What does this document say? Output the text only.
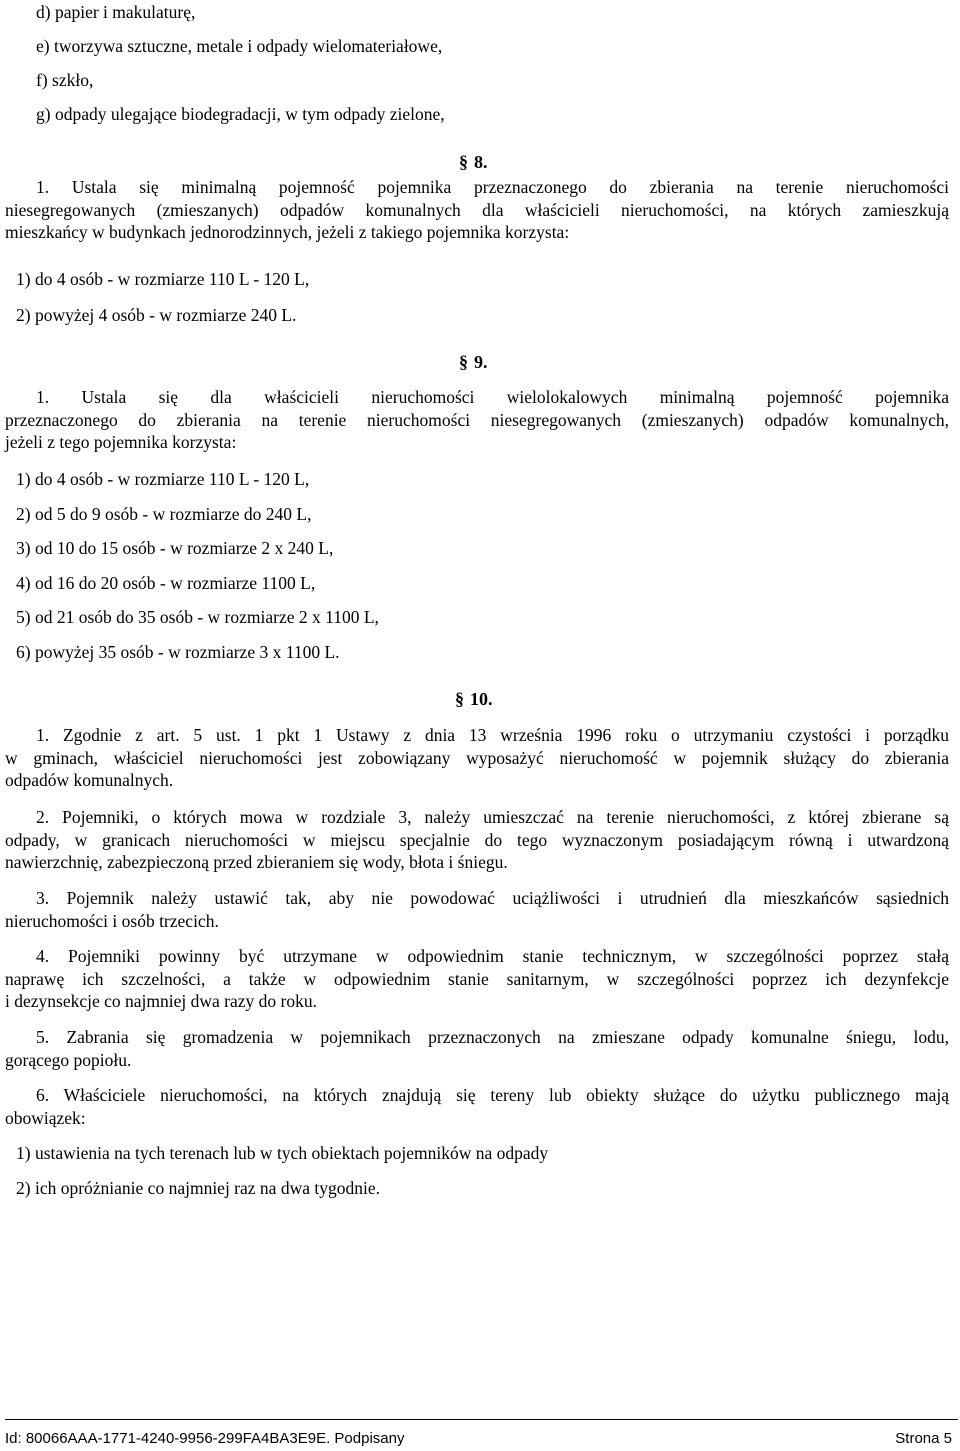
d) papier i makulaturę,
e) tworzywa sztuczne, metale i odpady wielomateriałowe,
f) szkło,
g) odpady ulegające biodegradacji, w tym odpady zielone,
§ 8.
1. Ustala się minimalną pojemność pojemnika przeznaczonego do zbierania na terenie nieruchomości
niesegregowanych (zmieszanych) odpadów komunalnych dla właścicieli nieruchomości, na których zamieszkują
mieszkańcy w budynkach jednorodzinnych, jeżeli z takiego pojemnika korzysta:
1) do 4 osób - w rozmiarze 110 L - 120 L,
2) powyżej 4 osób - w rozmiarze 240 L.
§ 9.
1. Ustala się dla właścicieli nieruchomości wielolokalowych minimalną pojemność pojemnika
przeznaczonego do zbierania na terenie nieruchomości niesegregowanych (zmieszanych) odpadów komunalnych,
jeżeli z tego pojemnika korzysta:
1) do 4 osób - w rozmiarze 110 L - 120 L,
2) od 5 do 9 osób - w rozmiarze do 240 L,
3) od 10 do 15 osób - w rozmiarze 2 x 240 L,
4) od 16 do 20 osób - w rozmiarze 1100 L,
5) od 21 osób do 35 osób - w rozmiarze 2 x 1100 L,
6) powyżej 35 osób - w rozmiarze 3 x 1100 L.
§ 10.
1. Zgodnie z art. 5 ust. 1 pkt 1 Ustawy z dnia 13 września 1996 roku o utrzymaniu czystości i porządku
w gminach, właściciel nieruchomości jest zobowiązany wyposażyć nieruchomość w pojemnik służący do zbierania
odpadów komunalnych.
2. Pojemniki, o których mowa w rozdziale 3, należy umieszczać na terenie nieruchomości, z której zbierane są
odpady, w granicach nieruchomości w miejscu specjalnie do tego wyznaczonym posiadającym równą i utwardzoną
nawierzchnię, zabezpieczoną przed zbieraniem się wody, błota i śniegu.
3. Pojemnik należy ustawić tak, aby nie powodować uciążliwości i utrudnień dla mieszkańców sąsiednich
nieruchomości i osób trzecich.
4. Pojemniki powinny być utrzymane w odpowiednim stanie technicznym, w szczególności poprzez stałą
naprawę ich szczelności, a także w odpowiednim stanie sanitarnym, w szczególności poprzez ich dezynfekcje
i dezynsekcje co najmniej dwa razy do roku.
5. Zabrania się gromadzenia w pojemnikach przeznaczonych na zmieszane odpady komunalne śniegu, lodu,
gorącego popiołu.
6. Właściciele nieruchomości, na których znajdują się tereny lub obiekty służące do użytku publicznego mają
obowiązek:
1) ustawienia na tych terenach lub w tych obiektach pojemników na odpady
2) ich opróżnianie co najmniej raz na dwa tygodnie.
Id: 80066AAA-1771-4240-9956-299FA4BA3E9E. Podpisany	Strona 5
